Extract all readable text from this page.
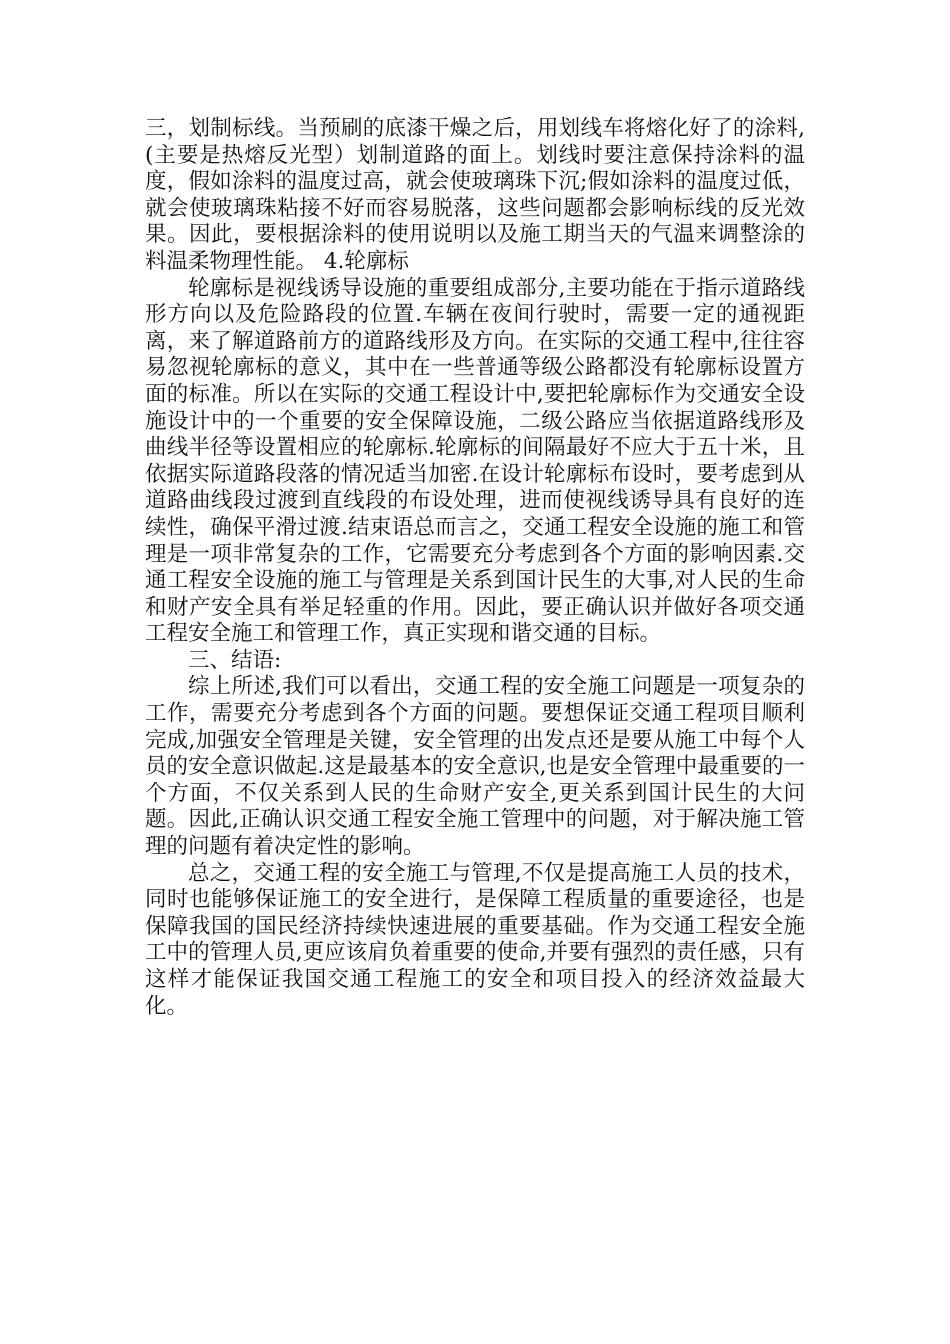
三，划制标线。当预刷的底漆干燥之后，用划线车将熔化好了的涂料,(主要是热熔反光型）划制道路的面上。划线时要注意保持涂料的温度，假如涂料的温度过高，就会使玻璃珠下沉;假如涂料的温度过低，就会使玻璃珠粘接不好而容易脱落，这些问题都会影响标线的反光效果。因此，要根据涂料的使用说明以及施工期当天的气温来调整涂的料温柔物理性能。 4.轮廓标

轮廓标是视线诱导设施的重要组成部分,主要功能在于指示道路线形方向以及危险路段的位置.车辆在夜间行驶时，需要一定的通视距离，来了解道路前方的道路线形及方向。在实际的交通工程中,往往容易忽视轮廓标的意义，其中在一些普通等级公路都没有轮廓标设置方面的标准。所以在实际的交通工程设计中,要把轮廓标作为交通安全设施设计中的一个重要的安全保障设施，二级公路应当依据道路线形及曲线半径等设置相应的轮廓标.轮廓标的间隔最好不应大于五十米，且依据实际道路段落的情况适当加密.在设计轮廓标布设时，要考虑到从道路曲线段过渡到直线段的布设处理，进而使视线诱导具有良好的连续性，确保平滑过渡.结束语总而言之，交通工程安全设施的施工和管理是一项非常复杂的工作，它需要充分考虑到各个方面的影响因素.交通工程安全设施的施工与管理是关系到国计民生的大事,对人民的生命和财产安全具有举足轻重的作用。因此，要正确认识并做好各项交通工程安全施工和管理工作，真正实现和谐交通的目标。

三、结语:

综上所述,我们可以看出，交通工程的安全施工问题是一项复杂的工作，需要充分考虑到各个方面的问题。要想保证交通工程项目顺利完成,加强安全管理是关键，安全管理的出发点还是要从施工中每个人员的安全意识做起.这是最基本的安全意识,也是安全管理中最重要的一个方面，不仅关系到人民的生命财产安全,更关系到国计民生的大问题。因此,正确认识交通工程安全施工管理中的问题，对于解决施工管理的问题有着决定性的影响。

总之，交通工程的安全施工与管理,不仅是提高施工人员的技术，同时也能够保证施工的安全进行，是保障工程质量的重要途径，也是保障我国的国民经济持续快速进展的重要基础。作为交通工程安全施工中的管理人员,更应该肩负着重要的使命,并要有强烈的责任感，只有这样才能保证我国交通工程施工的安全和项目投入的经济效益最大化。
